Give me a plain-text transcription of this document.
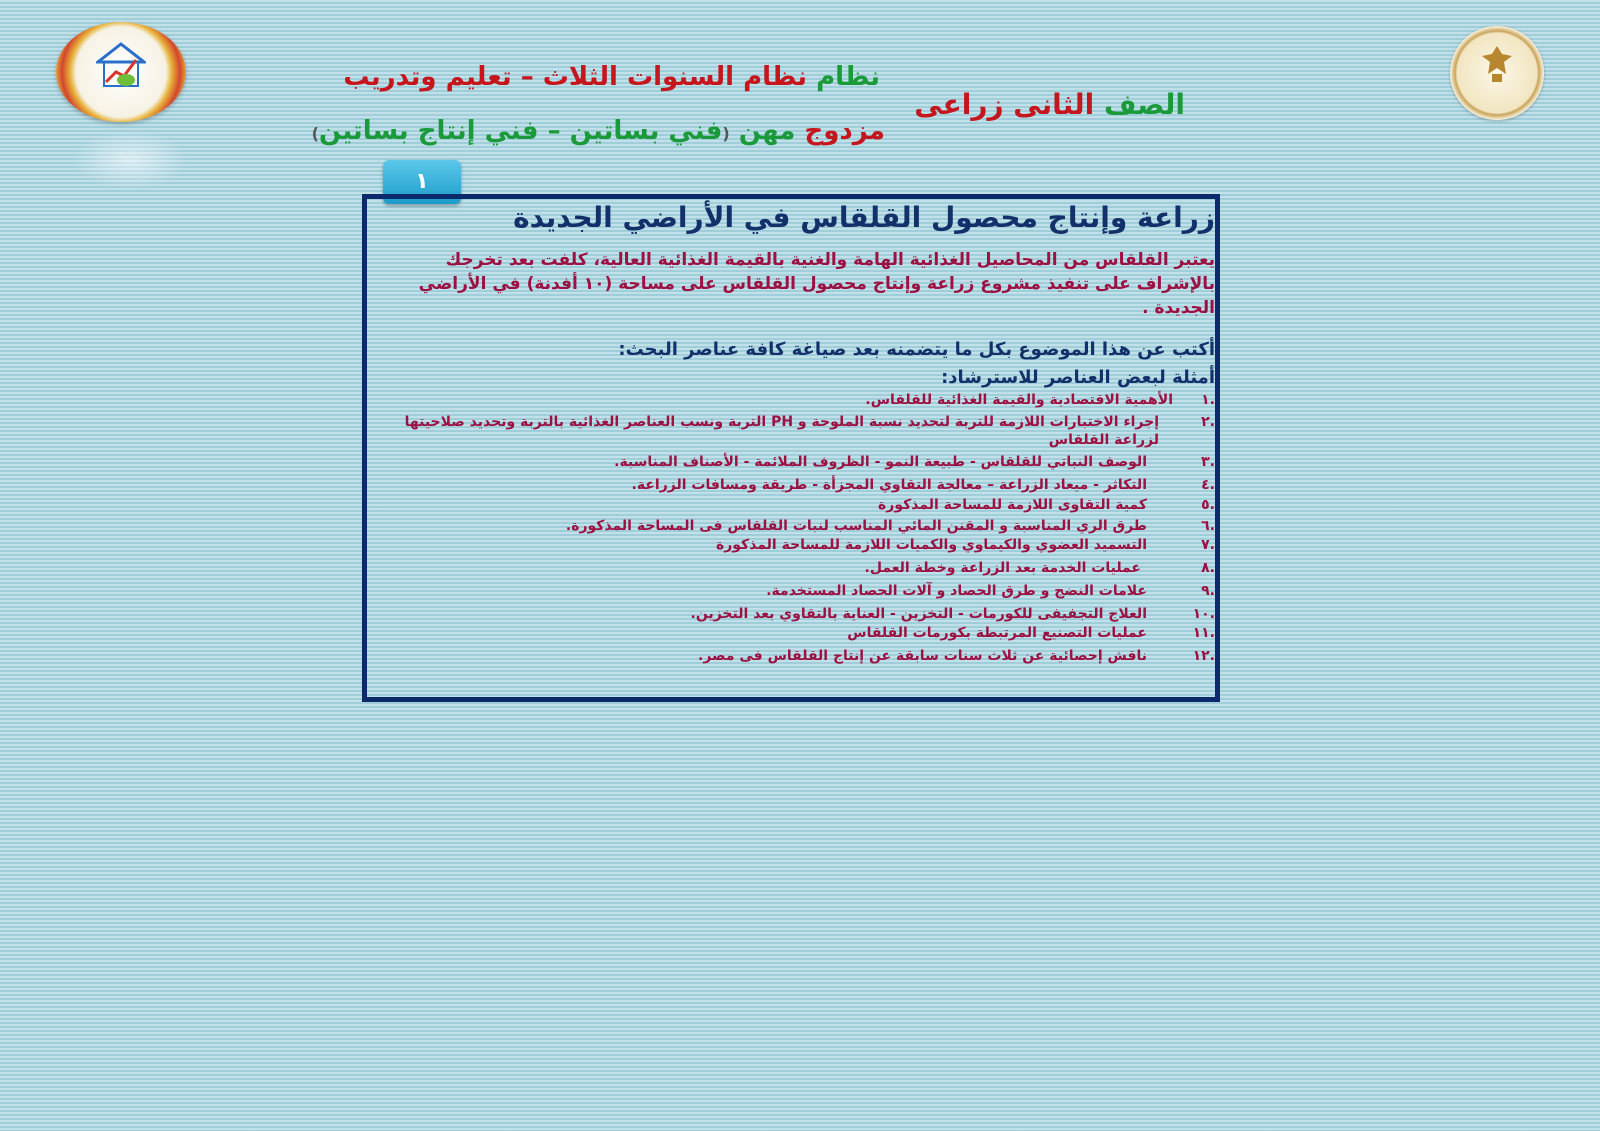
نظام نظام السنوات الثلاث – تعليم وتدريب
مزدوج مهن (فني بساتين – فني إنتاج بساتين)
الصف الثانى زراعى
١
زراعة وإنتاج محصول القلقاس في الأراضي الجديدة

يعتبر القلقاس من المحاصيل الغذائية الهامة والغنية بالقيمة الغذائية العالية، كلفت بعد تخرجك بالإشراف على تنفيذ مشروع زراعة وإنتاج محصول القلقاس على مساحة (١٠ أفدنة) في الأراضي الجديدة .

أكتب عن هذا الموضوع بكل ما يتضمنه بعد صياغة كافة عناصر البحث:

أمثلة لبعض العناصر للاسترشاد:

.١الأهمية الاقتصادية والقيمة الغذائية للقلقاس.
.٢إجراء الاختبارات اللازمة للتربة لتحديد نسبة الملوحة و PH التربة ونسب العناصر الغذائية بالتربة وتحديد صلاحيتها لزراعة القلقاس
.٣الوصف النباتي للقلقاس - طبيعة النمو - الظروف الملائمة - الأصناف المناسبة.
.٤التكاثر - ميعاد الزراعة – معالجة التقاوي المجزأة - طريقة ومسافات الزراعة.
.٥كمية التقاوى اللازمة للمساحة المذكورة
.٦طرق الري المناسبة و المقنن المائي المناسب لنبات القلقاس فى المساحة المذكورة.
.٧التسميد العضوي والكيماوي والكميات اللازمة للمساحة المذكورة
.٨عمليات الخدمة بعد الزراعة وخطة العمل.
.٩علامات النضج و طرق الحصاد و آلات الحصاد المستخدمة.
.١٠العلاج التجفيفى للكورمات - التخزين - العناية بالتقاوي بعد التخزين.
.١١عمليات التصنيع المرتبطة بكورمات القلقاس
.١٢ناقش إحصائية عن ثلاث سنات سابقة عن إنتاج القلقاس فى مصر.
